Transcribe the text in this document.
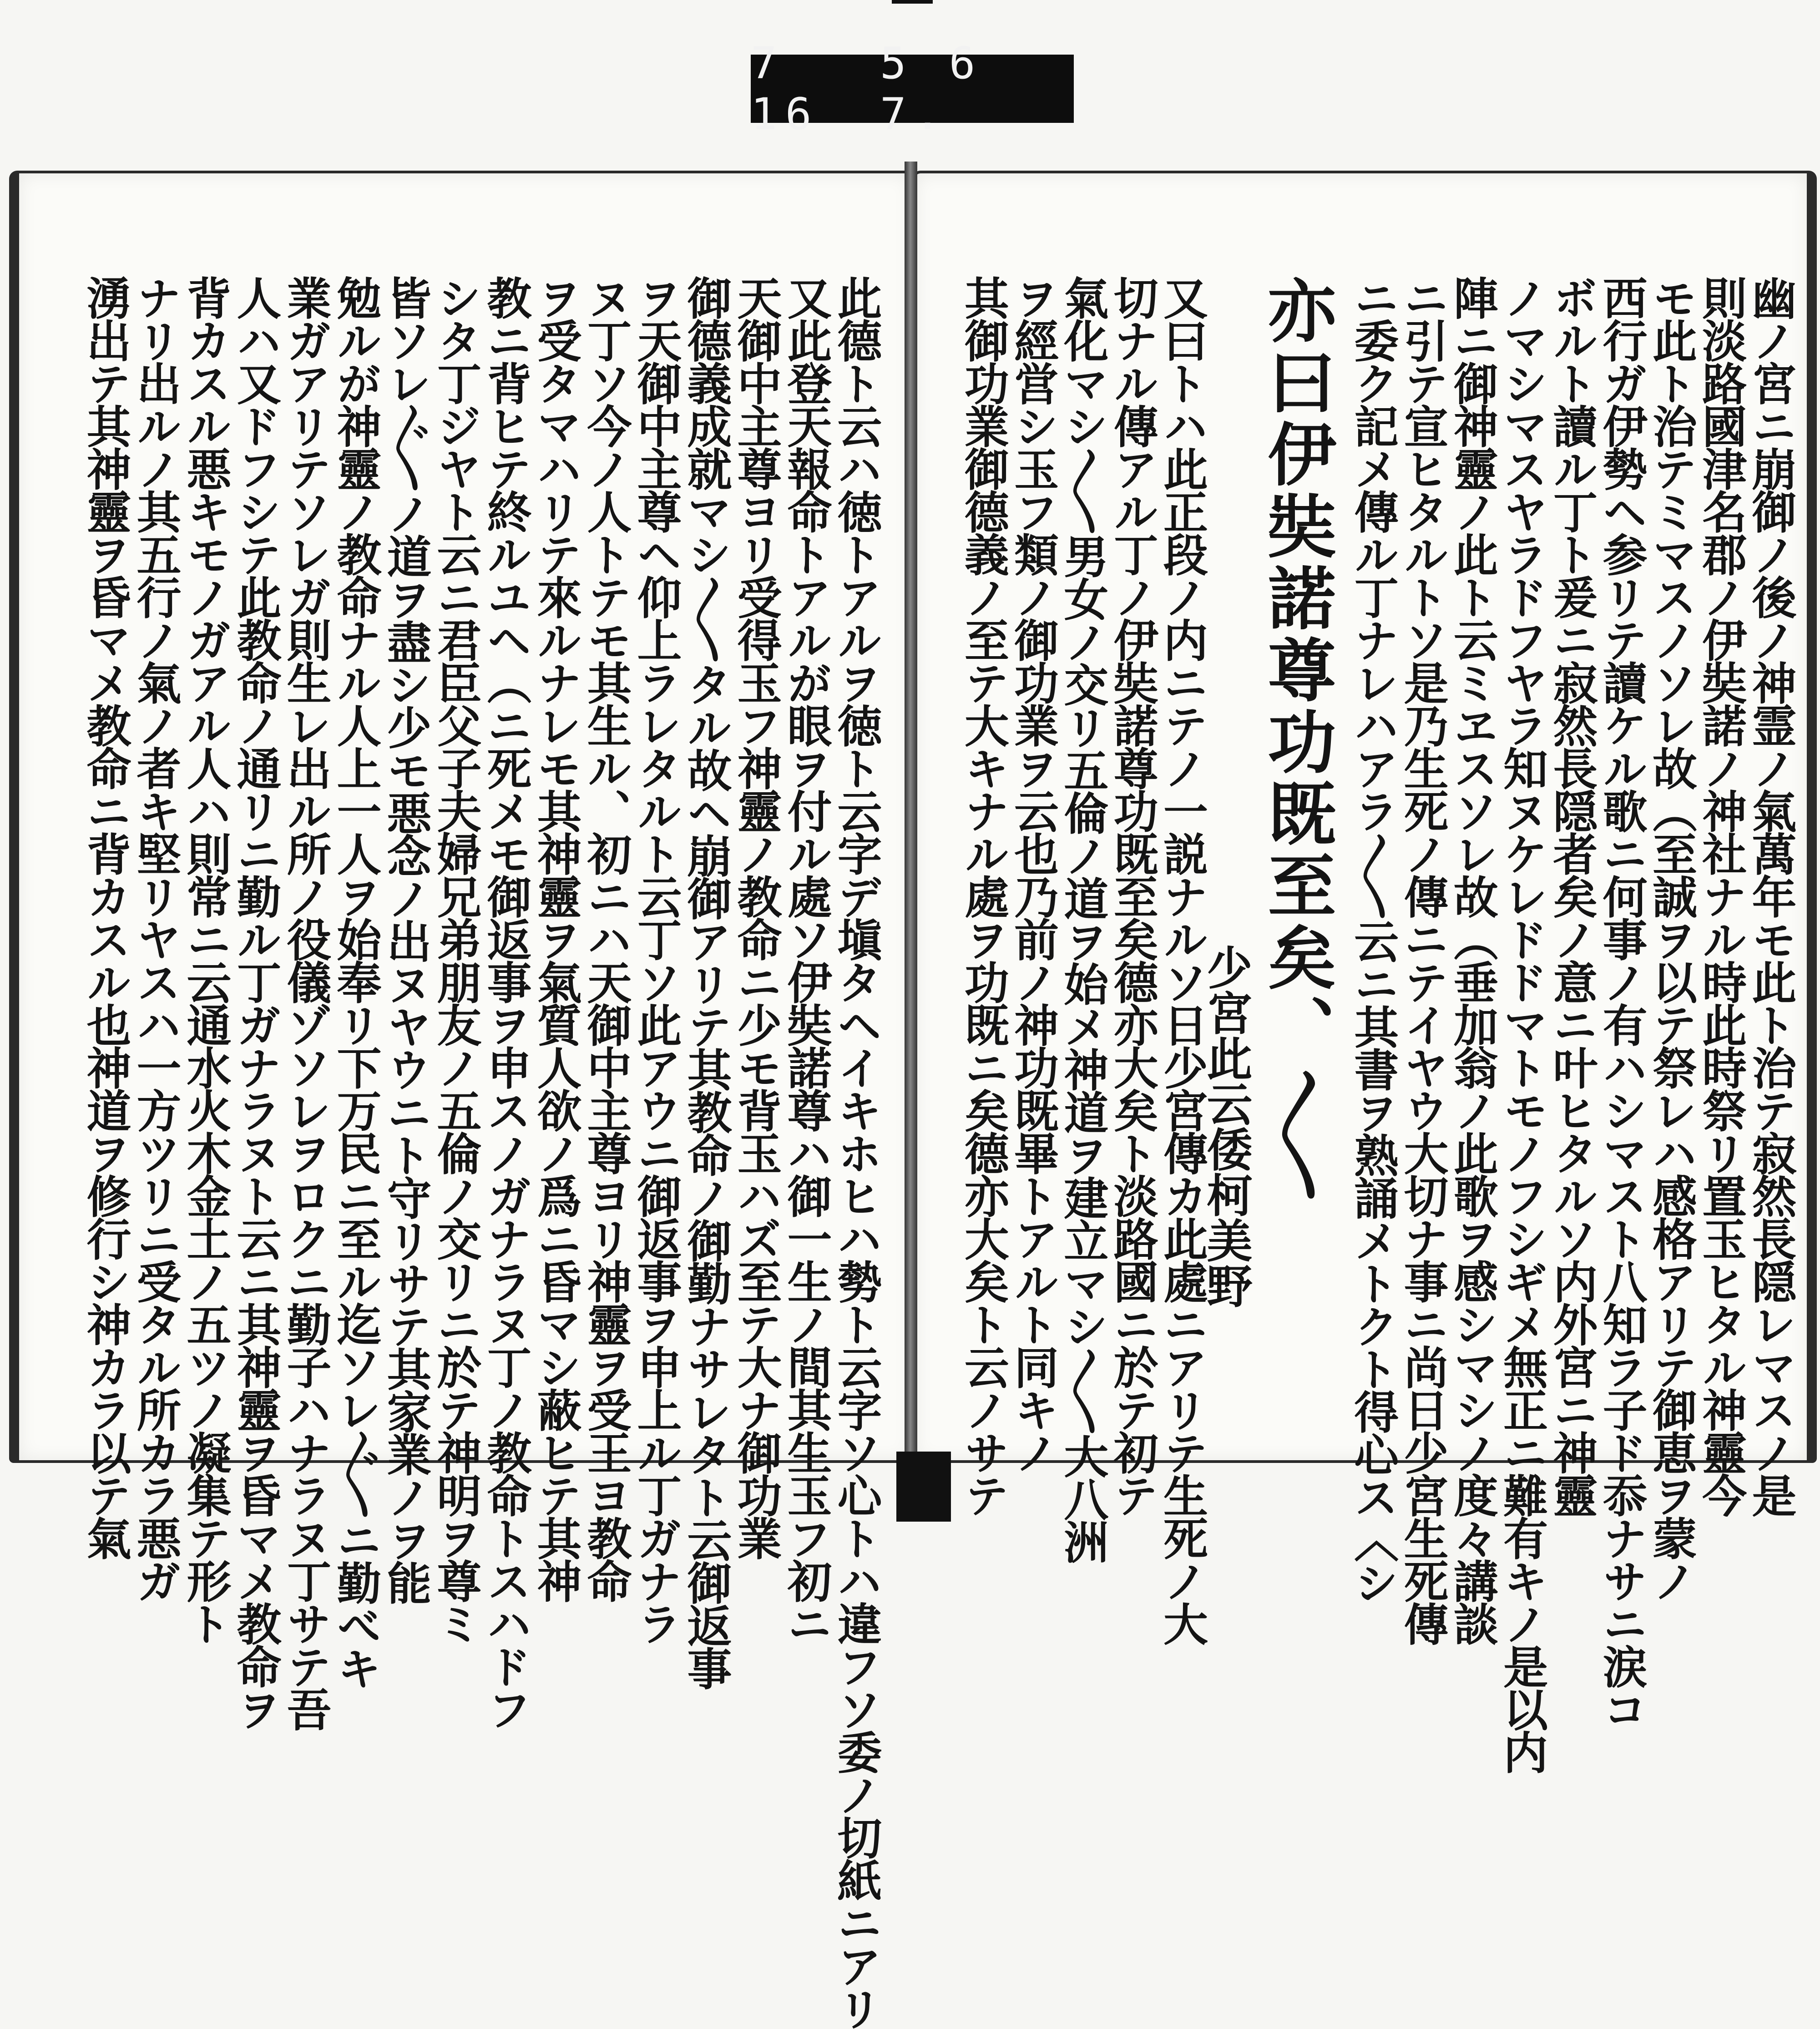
7 16
5 6 7.
幽ノ宮ニ崩御ノ後ノ神霊ノ氣萬年モ此ト治テ寂然長隠レマスノ是
則淡路國津名郡ノ伊奘諾ノ神社ナル時此時祭リ置玉ヒタル神靈今
モ此ト治テミマスノソレ故（至誠ヲ以テ祭レハ感格アリテ御恵ヲ蒙ノ
西行ガ伊勢ヘ参リテ讀ケル歌ニ何事ノ有ハシマスト八知ラ子ド忝ナサニ涙コ
ボルト讀ル丁ト爰ニ寂然長隠者矣ノ意ニ叶ヒタルソ内外宮ニ神靈
ノマシマスヤラドフヤラ知ヌケレドドマトモノフシギメ無正ニ難有キノ是以内
陣ニ御神靈ノ此ト云ミヱスソレ故（垂加翁ノ此歌ヲ感シマシノ度々講談
ニ引テ宣ヒタルトソ是乃生死ノ傳ニテイヤウ大切ナ事ニ尚日少宮生死傳
ニ委ク記メ傳ル丁ナレハアラ〳〵云ニ其書ヲ熟誦メトクト得心ス〈シ
亦曰伊奘諾尊功既至矣、〳〵
少宮此云倭柯美野
又曰トハ此正段ノ内ニテノ一説ナルソ日少宮傳カ此處ニアリテ生死ノ大
切ナル傳アル丁ノ伊奘諾尊功既至矣德亦大矣ト淡路國ニ於テ初テ
氣化マシ〳〵男女ノ交リ五倫ノ道ヲ始メ神道ヲ建立マシ〳〵大八洲
ヲ經営シ玉フ類ノ御功業ヲ云也乃前ノ神功既畢トアルト同キノ
其御功業御德義ノ至テ大キナル處ヲ功既ニ矣德亦大矣ト云ノサテ
此德ト云ハ徳トアルヲ徳ト云字デ塡タヘイキホヒハ勢ト云字ソ心トハ違フソ委ノ切紙ニアリ
又此登天報命トアルが眼ヲ付ル處ソ伊奘諾尊ハ御一生ノ間其生玉フ初ニ
天御中主尊ヨリ受得玉フ神靈ノ教命ニ少モ背玉ハズ至テ大ナ御功業
御德義成就マシ〳〵タル故ヘ崩御アリテ其教命ノ御勤ナサレタト云御返事
ヲ天御中主尊ヘ仰上ラレタルト云丁ソ此アウニ御返事ヲ申上ル丁ガナラ
ヌ丁ソ今ノ人トテモ其生ル、初ニハ天御中主尊ヨリ神靈ヲ受王ヨ教命
ヲ受タマハリテ來ルナレモ其神靈ヲ氣質人欲ノ爲ニ昏マシ蔽ヒテ其神
教ニ背ヒテ終ルユヘ（ニ死メモ御返事ヲ申スノガナラヌ丁ノ教命トスハドフ
シタ丁ジヤト云ニ君臣父子夫婦兄弟朋友ノ五倫ノ交リニ於テ神明ヲ尊ミ
皆ソレ〴〵ノ道ヲ盡シ少モ悪念ノ出ヌヤウニト守リサテ其家業ノヲ能
勉ルが神靈ノ教命ナル人上一人ヲ始奉リ下万民ニ至ル迄ソレ〴〵ニ勤べキ
業ガアリテソレガ則生レ出ル所ノ役儀ゾソレヲロクニ勤子ハナラヌ丁サテ吾
人ハ又ドフシテ此教命ノ通リニ勤ル丁ガナラヌト云ニ其神靈ヲ昏マメ教命ヲ
背カスル悪キモノガアル人ハ則常ニ云通水火木金土ノ五ツノ凝集テ形ト
ナリ出ルノ其五行ノ氣ノ者キ堅リヤスハ一方ツリニ受タル所カラ悪ガ
湧出テ其神靈ヲ昏マメ教命ニ背カスル也神道ヲ修行シ神カラ以テ氣
